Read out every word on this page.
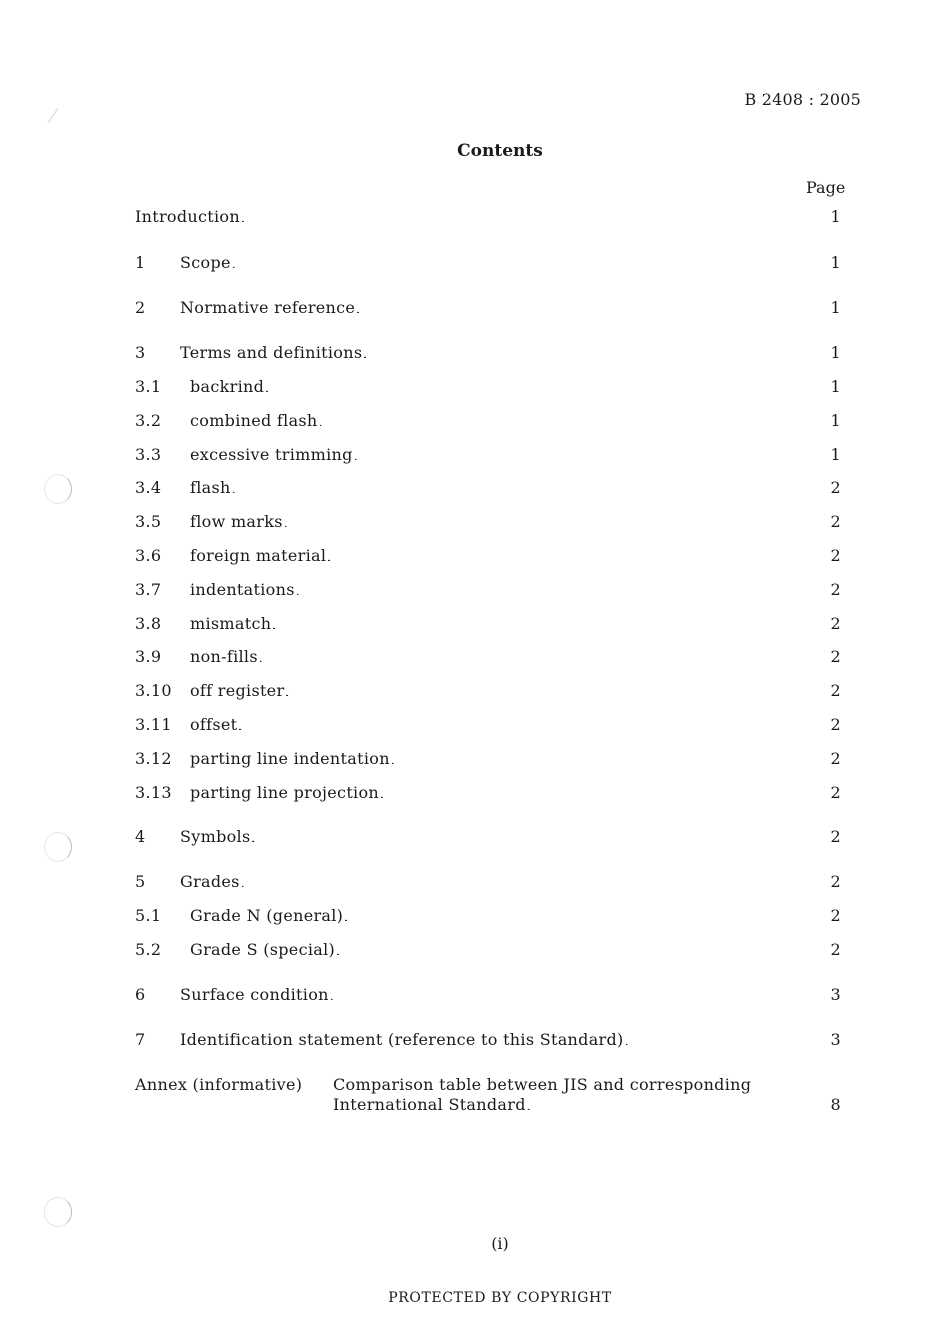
B 2408 : 2005
Contents
Page
Introduction . . .	1
1 Scope . . .	1
2 Normative reference . . .	1
3 Terms and definitions . . .	1
3.1 backrind . . .	1
3.2 combined flash . . .	1
3.3 excessive trimming . . .	1
3.4 flash . . .	2
3.5 flow marks . . .	2
3.6 foreign material . . .	2
3.7 indentations . . .	2
3.8 mismatch . . .	2
3.9 non-fills . . .	2
3.10 off register . . .	2
3.11 offset . . .	2
3.12 parting line indentation . . .	2
3.13 parting line projection . . .	2
4 Symbols . . .	2
5 Grades . . .	2
5.1 Grade N (general) . . .	2
5.2 Grade S (special) . . .	2
6 Surface condition . . .	3
7 Identification statement (reference to this Standard) . . .	3
Annex (informative) Comparison table between JIS and corresponding
International Standard . . .	8
(i)
PROTECTED BY COPYRIGHT
